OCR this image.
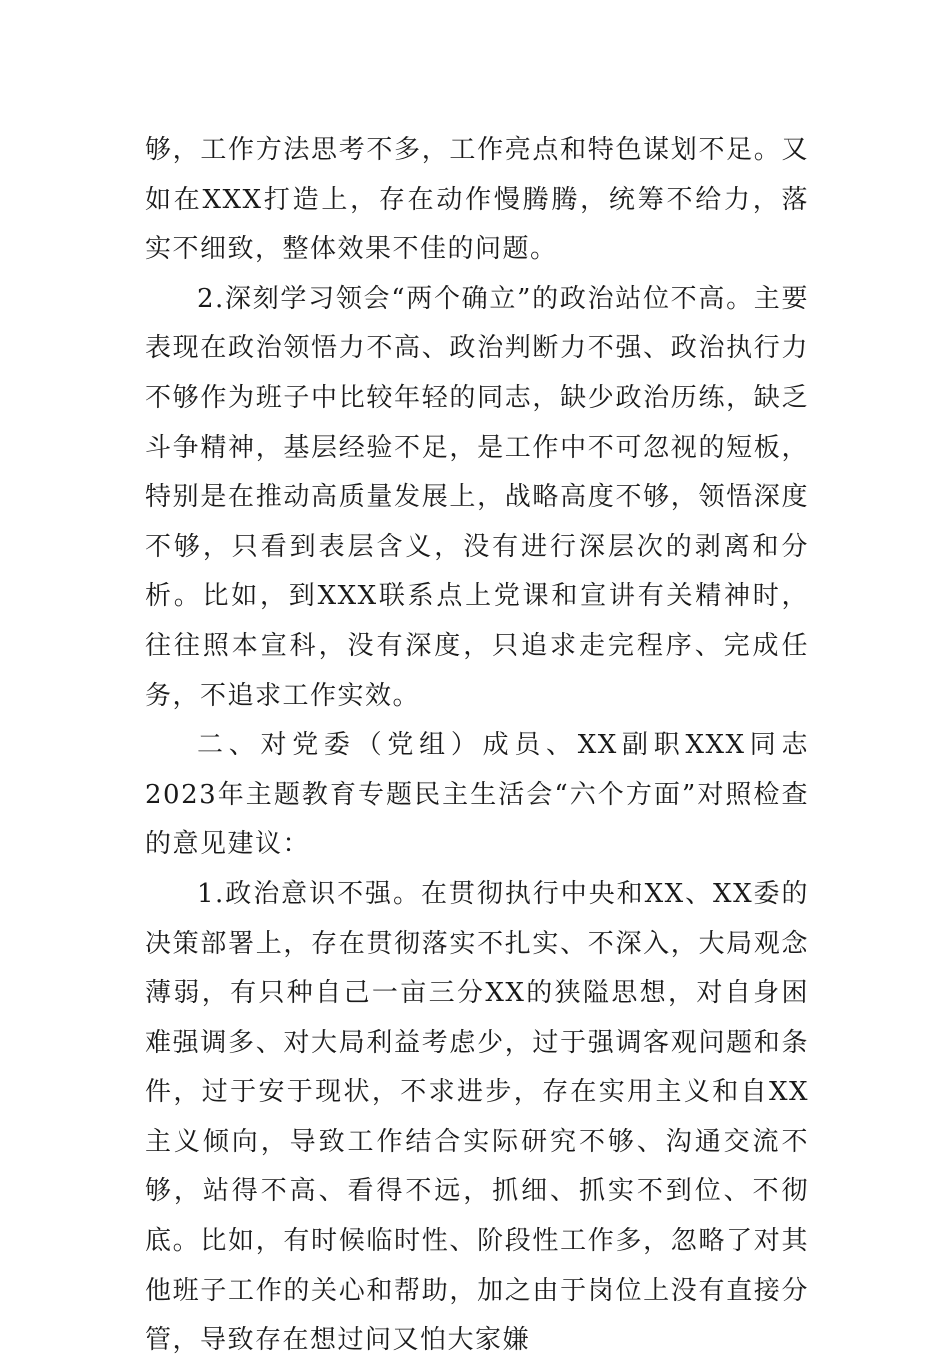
够，工作方法思考不多，工作亮点和特色谋划不足。又如在XXX打造上，存在动作慢腾腾，统筹不给力，落实不细致，整体效果不佳的问题。

2.深刻学习领会“两个确立”的政治站位不高。主要表现在政治领悟力不高、政治判断力不强、政治执行力不够作为班子中比较年轻的同志，缺少政治历练，缺乏斗争精神，基层经验不足，是工作中不可忽视的短板，特别是在推动高质量发展上，战略高度不够，领悟深度不够，只看到表层含义，没有进行深层次的剥离和分析。比如，到XXX联系点上党课和宣讲有关精神时，往往照本宣科，没有深度，只追求走完程序、完成任务，不追求工作实效。

二、对党委（党组）成员、XX副职XXX同志2023年主题教育专题民主生活会“六个方面”对照检查的意见建议：

1.政治意识不强。在贯彻执行中央和XX、XX委的决策部署上，存在贯彻落实不扎实、不深入，大局观念薄弱，有只种自己一亩三分XX的狭隘思想，对自身困难强调多、对大局利益考虑少，过于强调客观问题和条件，过于安于现状，不求进步，存在实用主义和自XX主义倾向，导致工作结合实际研究不够、沟通交流不够，站得不高、看得不远，抓细、抓实不到位、不彻底。比如，有时候临时性、阶段性工作多，忽略了对其他班子工作的关心和帮助，加之由于岗位上没有直接分管，导致存在想过问又怕大家嫌
